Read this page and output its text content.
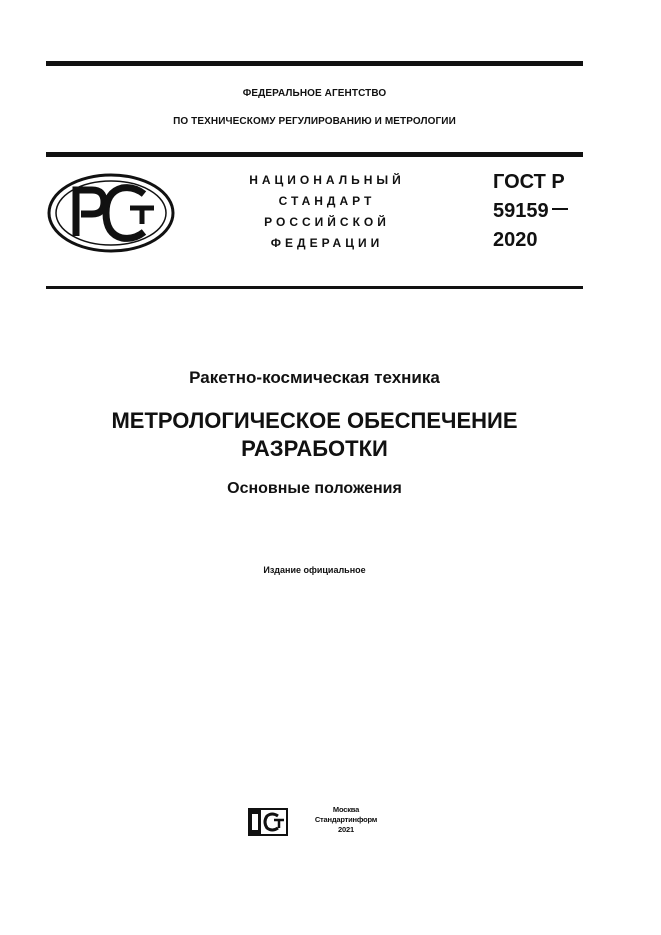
ФЕДЕРАЛЬНОЕ АГЕНТСТВО
ПО ТЕХНИЧЕСКОМУ РЕГУЛИРОВАНИЮ И МЕТРОЛОГИИ
НАЦИОНАЛЬНЫЙ
СТАНДАРТ
РОССИЙСКОЙ
ФЕДЕРАЦИИ
ГОСТ Р
59159
2020
Ракетно-космическая техника
МЕТРОЛОГИЧЕСКОЕ ОБЕСПЕЧЕНИЕ
РАЗРАБОТКИ
Основные положения
Издание официальное
Москва
Стандартинформ
2021
